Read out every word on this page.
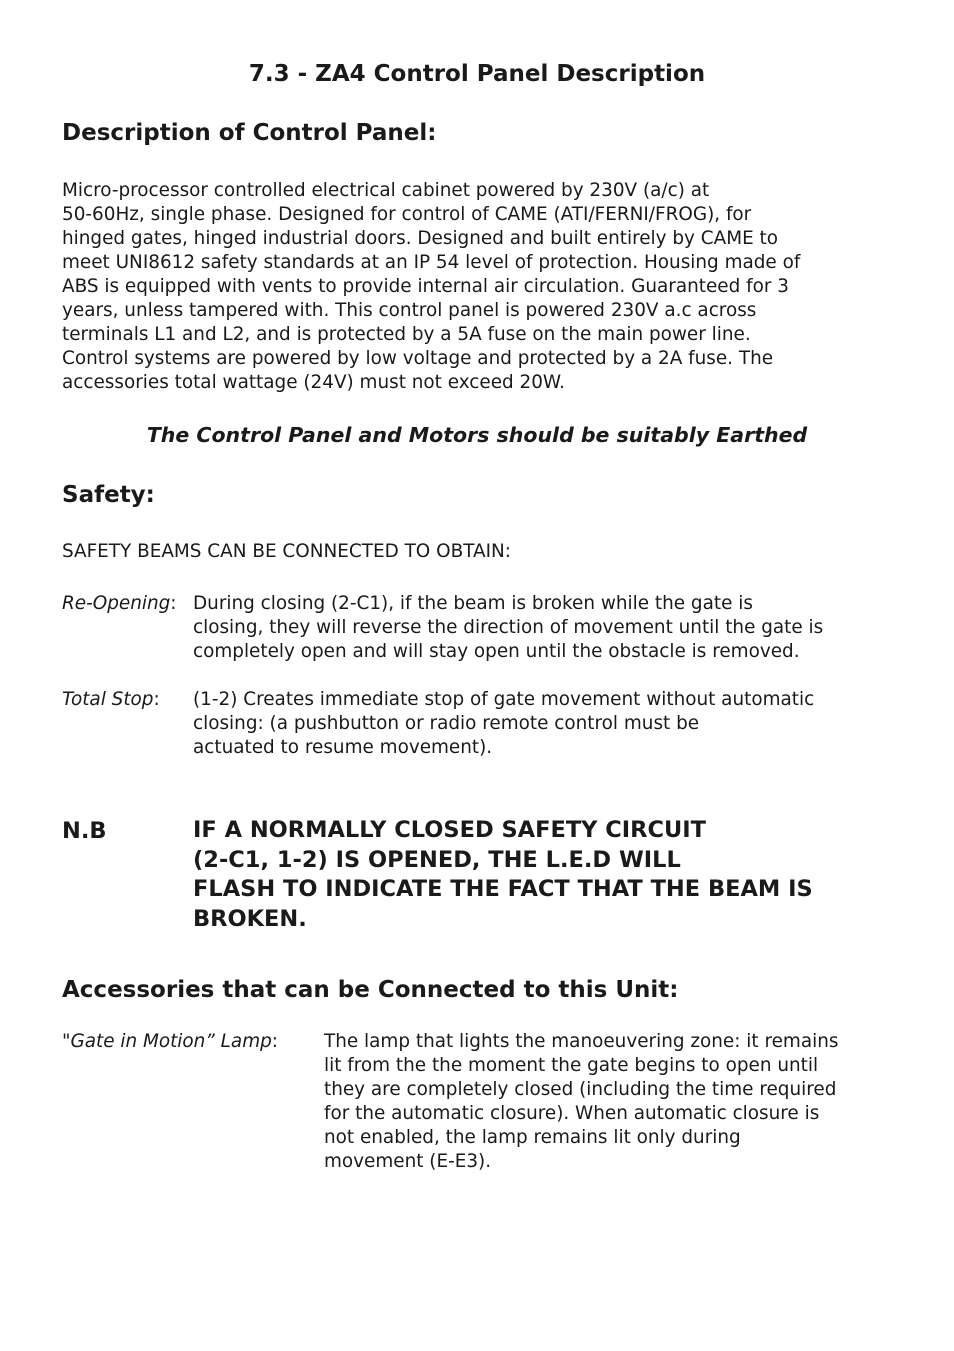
7.3 - ZA4 Control Panel Description
Description of Control Panel:

Micro-processor controlled electrical cabinet powered by 230V (a/c) at
50-60Hz, single phase. Designed for control of CAME (ATI/FERNI/FROG), for
hinged gates, hinged industrial doors. Designed and built entirely by CAME to
meet UNI8612 safety standards at an IP 54 level of protection. Housing made of
ABS is equipped with vents to provide internal air circulation. Guaranteed for 3
years, unless tampered with. This control panel is powered 230V a.c across
terminals L1 and L2, and is protected by a 5A fuse on the main power line.
Control systems are powered by low voltage and protected by a 2A fuse. The
accessories total wattage (24V) must not exceed 20W.

The Control Panel and Motors should be suitably Earthed

Safety:

SAFETY BEAMS CAN BE CONNECTED TO OBTAIN:

Re-Opening: During closing (2-C1), if the beam is broken while the gate is
closing, they will reverse the direction of movement until the gate is
completely open and will stay open until the obstacle is removed.

Total Stop: (1-2) Creates immediate stop of gate movement without automatic
closing: (a pushbutton or radio remote control must be
actuated to resume movement).

N.B	IF A NORMALLY CLOSED SAFETY CIRCUIT
(2-C1, 1-2) IS OPENED, THE L.E.D WILL
FLASH TO INDICATE THE FACT THAT THE BEAM IS
BROKEN.

Accessories that can be Connected to this Unit:
"Gate in Motion” Lamp:	The lamp that lights the manoeuvering zone: it remains
lit from the the moment the gate begins to open until
they are completely closed (including the time required
for the automatic closure). When automatic closure is
not enabled, the lamp remains lit only during
movement (E-E3).
